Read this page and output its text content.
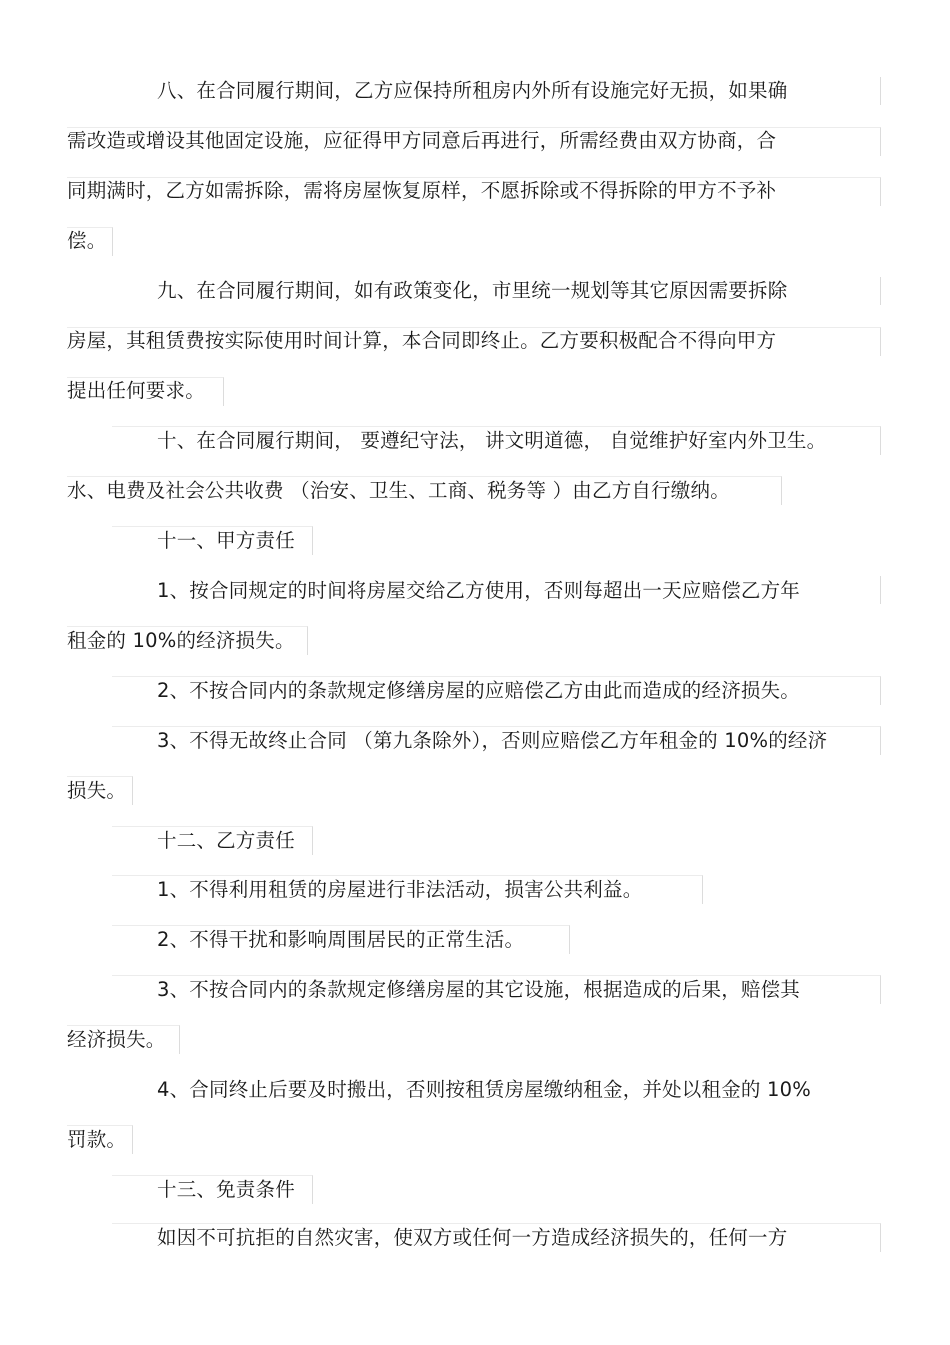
八、在合同履行期间，乙方应保持所租房内外所有设施完好无损，如果确
需改造或增设其他固定设施，应征得甲方同意后再进行，所需经费由双方协商，合
同期满时，乙方如需拆除，需将房屋恢复原样，不愿拆除或不得拆除的甲方不予补
偿。
九、在合同履行期间，如有政策变化，市里统一规划等其它原因需要拆除
房屋，其租赁费按实际使用时间计算，本合同即终止。乙方要积极配合不得向甲方
提出任何要求。
十、在合同履行期间， 要遵纪守法， 讲文明道德， 自觉维护好室内外卫生。
水、电费及社会公共收费 （治安、卫生、工商、税务等 ）由乙方自行缴纳。
十一、甲方责任
1、按合同规定的时间将房屋交给乙方使用，否则每超出一天应赔偿乙方年
租金的 10%的经济损失。
2、不按合同内的条款规定修缮房屋的应赔偿乙方由此而造成的经济损失。
3、不得无故终止合同 （第九条除外），否则应赔偿乙方年租金的 10%的经济
损失。
十二、乙方责任
1、不得利用租赁的房屋进行非法活动，损害公共利益。
2、不得干扰和影响周围居民的正常生活。
3、不按合同内的条款规定修缮房屋的其它设施，根据造成的后果，赔偿其
经济损失。
4、合同终止后要及时搬出，否则按租赁房屋缴纳租金，并处以租金的 10%
罚款。
十三、免责条件
如因不可抗拒的自然灾害，使双方或任何一方造成经济损失的，任何一方
